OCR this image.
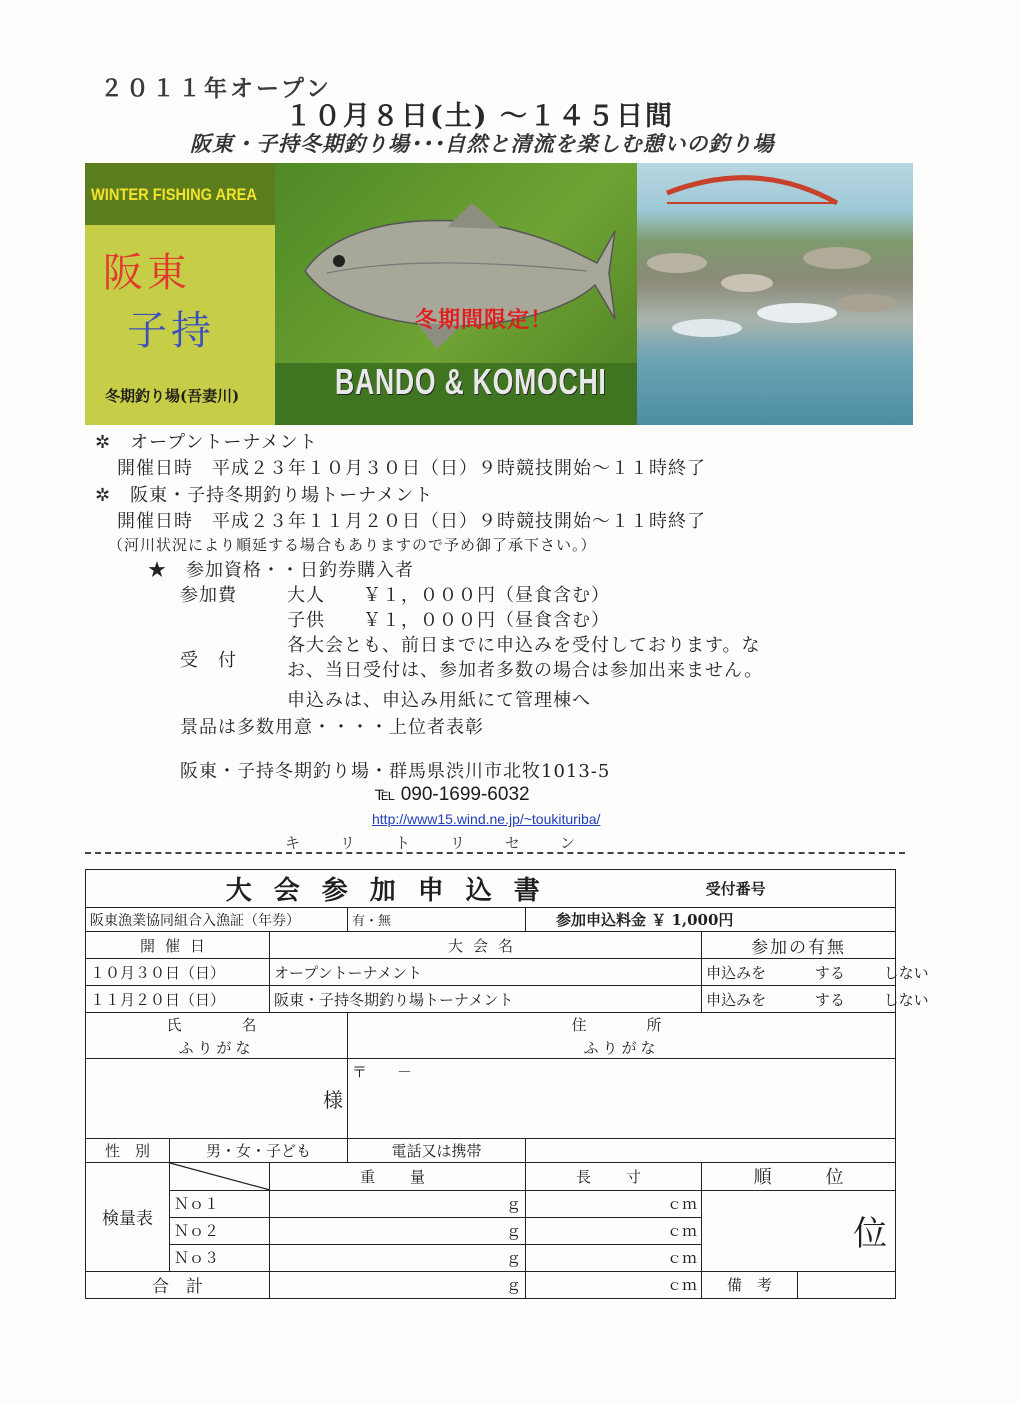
２０１１年オープン
１０月８日(土) ～１４５日間
阪東・子持冬期釣り場･･･自然と清流を楽しむ憩いの釣り場
WINTER FISHING AREA
阪東
子持
冬期釣り場(吾妻川)
冬期間限定！
BANDO & KOMOCHI
✲　オープントーナメント
開催日時　平成２３年１０月３０日（日）９時競技開始～１１時終了
✲　阪東・子持冬期釣り場トーナメント
開催日時　平成２３年１１月２０日（日）９時競技開始～１１時終了
（河川状況により順延する場合もありますので予め御了承下さい。）
★　参加資格・・日釣券購入者
参加費	大人　　￥１，０００円（昼食含む）
子供　　￥１，０００円（昼食含む）
受　付
各大会とも、前日までに申込みを受付しております。な
お、当日受付は、参加者多数の場合は参加出来ません。
申込みは、申込み用紙にて管理棟へ
景品は多数用意・・・・上位者表彰
阪東・子持冬期釣り場・群馬県渋川市北牧1013-5
℡ 090-1699-6032
http://www15.wind.ne.jp/~toukituriba/
キリトリセン
大会参加申込書					受付番号	
阪東漁業協同組合入漁証（年券）			有・無	参加申込料金 ￥ 1,000円		
開催日		大会名			参加の有無	
１０月３０日（日）		オープントーナメント			申込みを する しない	
１１月２０日（日）		阪東・子持冬期釣り場トーナメント			申込みを する しない	
氏　　名			住　　所			
ふりがな			ふりがな			
様			〒　　－			
性　別	男・女・子ども		電話又は携帯			
検量表		重　量		長　寸	順　　　位	
	Ｎｏ１	ｇ		ｃｍ	位	
	Ｎｏ２	ｇ		ｃｍ		
	Ｎｏ３	ｇ		ｃｍ		
合　計		ｇ		ｃｍ	備　考	
